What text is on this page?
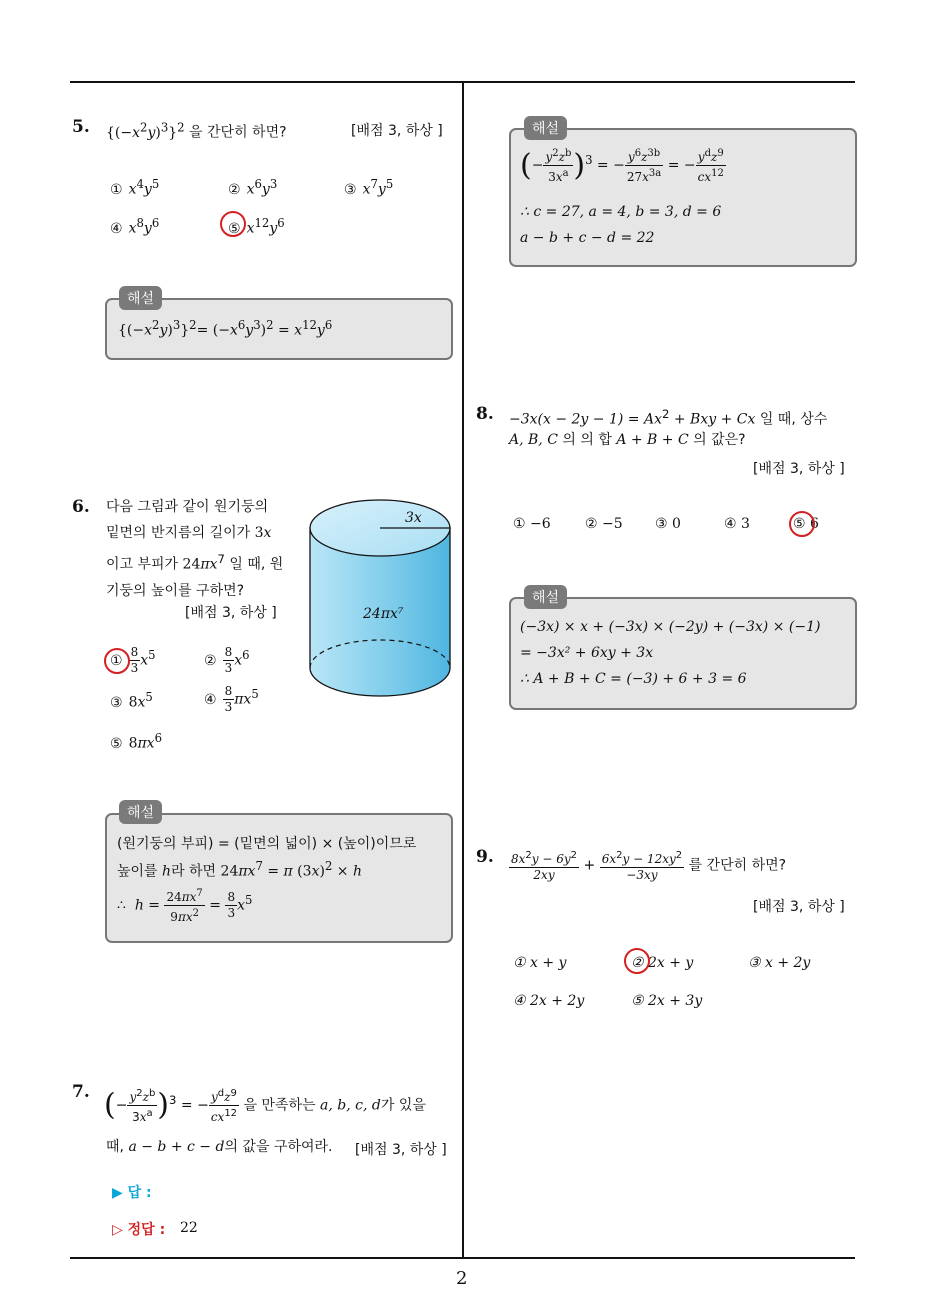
2
5. $\{(-x^2y)^3\}^2$ 을 간단히 하면?	[배점 3, 하상 ]
① $x^4y^5$	② $x^6y^3$	③ $x^7y^5$
④ $x^8y^6$	⑤ $x^{12}y^6$
해설
$\{(-x^2y)^3\}^2= (-x^6y^3)^2 = x^{12}y^6$
6. 다음 그림과 같이 원기둥의
밑면의 반지름의 길이가 3x
이고 부피가 $24\pi x^7$ 일 때, 원
기둥의 높이를 구하면?
[배점 3, 하상 ]
3x
24πx⁷
① $\frac{8}{3} x^5$	② $\frac{8}{3} x^6$
③ $8x^5$	④ $\frac{8}{3} \pi x^5$
⑤ $8\pi x^6$
해설
(원기둥의 부피) = (밑면의 넓이) × (높이)이므로
높이를 h라 하면 $24\pi x^7 = \pi$ $(3x)^2 \times h$
∴  $h = \frac{24\pi x^7}{9\pi x^2} = \frac{8}{3} x^5$
7. (− $\frac{y^2z^b}{3x^a} )^3$ = − $\frac{y^dz^9}{cx^{12}}$ 을 만족하는 a, b, c, d가 있을
때, a − b + c − d의 값을 구하여라. [배점 3, 하상 ]
▶ 답 :
▷ 정답 : 22
해설
(− $\frac{y^2z^b}{3x^a} )^3$ = − $\frac{y^6z^{3b}}{27x^{3a}}$ = − $\frac{y^dz^9}{cx^{12}}$
∴ c = 27, a = 4, b = 3, d = 6
a − b + c − d = 22
8. $-3x(x - 2y - 1) = Ax^2$ + Bxy + Cx 일 때, 상수
A, B, C 의 의 합 A + B + C 의 값은?
[배점 3, 하상 ]
① −6 ② −5 ③ 0	④ 3	⑤ 6
해설
(−3x) × x + (−3x) × (−2y) + (−3x) × (−1)
= −3x² + 6xy + 3x
∴ A + B + C = (−3) + 6 + 3 = 6
9. $\frac{8x^2y - 6y^2}{2xy} + \frac{6x^2y - 12xy^2}{-3xy}$ 를 간단히 하면?
[배점 3, 하상 ]
① x + y	② 2x + y	③ x + 2y
④ 2x + 2y	⑤ 2x + 3y
